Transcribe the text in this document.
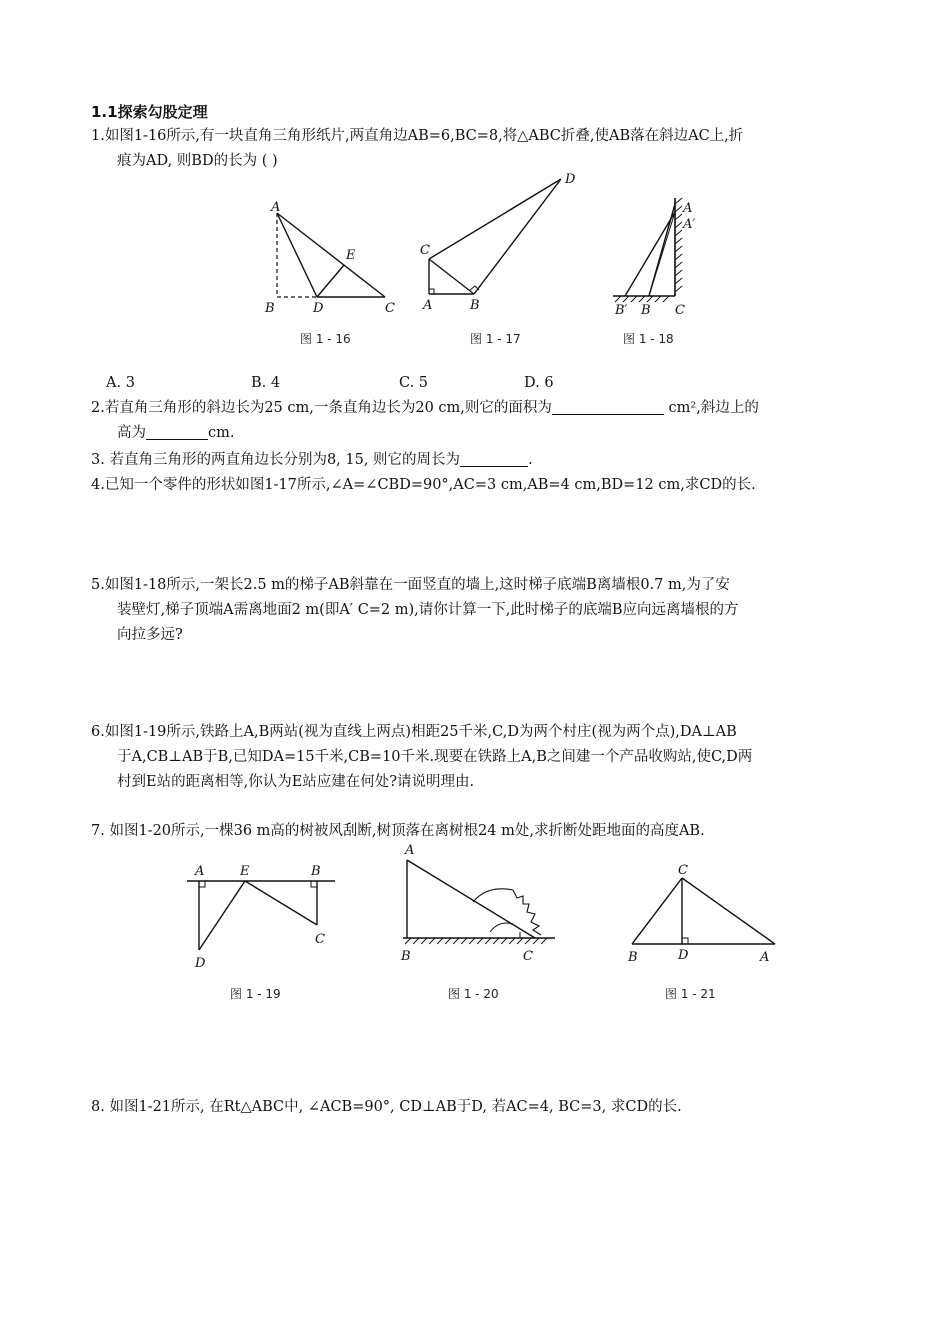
1.1探索勾股定理
1.如图1-16所示,有一块直角三角形纸片,两直角边AB=6,BC=8,将△ABC折叠,使AB落在斜边AC上,折
痕为AD, 则BD的长为 ( )
A
E
B	D	C
图 1 - 16
D
C
A	B
图 1 - 17
A
A′
B′ B C
图 1 - 18
A. 3	B. 4	C. 5	D. 6
2.若直角三角形的斜边长为25 cm,一条直角边长为20 cm,则它的面积为	cm²,斜边上的
高为	cm.
3. 若直角三角形的两直角边长分别为8, 15, 则它的周长为	.
4.已知一个零件的形状如图1-17所示,∠A=∠CBD=90°,AC=3 cm,AB=4 cm,BD=12 cm,求CD的长.
5.如图1-18所示,一架长2.5 m的梯子AB斜靠在一面竖直的墙上,这时梯子底端B离墙根0.7 m,为了安
装壁灯,梯子顶端A需离地面2 m(即A′ C=2 m),请你计算一下,此时梯子的底端B应向远离墙根的方
向拉多远?
6.如图1-19所示,铁路上A,B两站(视为直线上两点)相距25千米,C,D为两个村庄(视为两个点),DA⊥AB
于A,CB⊥AB于B,已知DA=15千米,CB=10千米.现要在铁路上A,B之间建一个产品收购站,使C,D两
村到E站的距离相等,你认为E站应建在何处?请说明理由.
7. 如图1-20所示,一棵36 m高的树被风刮断,树顶落在离树根24 m处,求折断处距地面的高度AB.
A	E	B
D
C
图 1 - 19
A
B	C
图 1 - 20
C
B	D	A
图 1 - 21
8. 如图1-21所示, 在Rt△ABC中, ∠ACB=90°, CD⊥AB于D, 若AC=4, BC=3, 求CD的长.
